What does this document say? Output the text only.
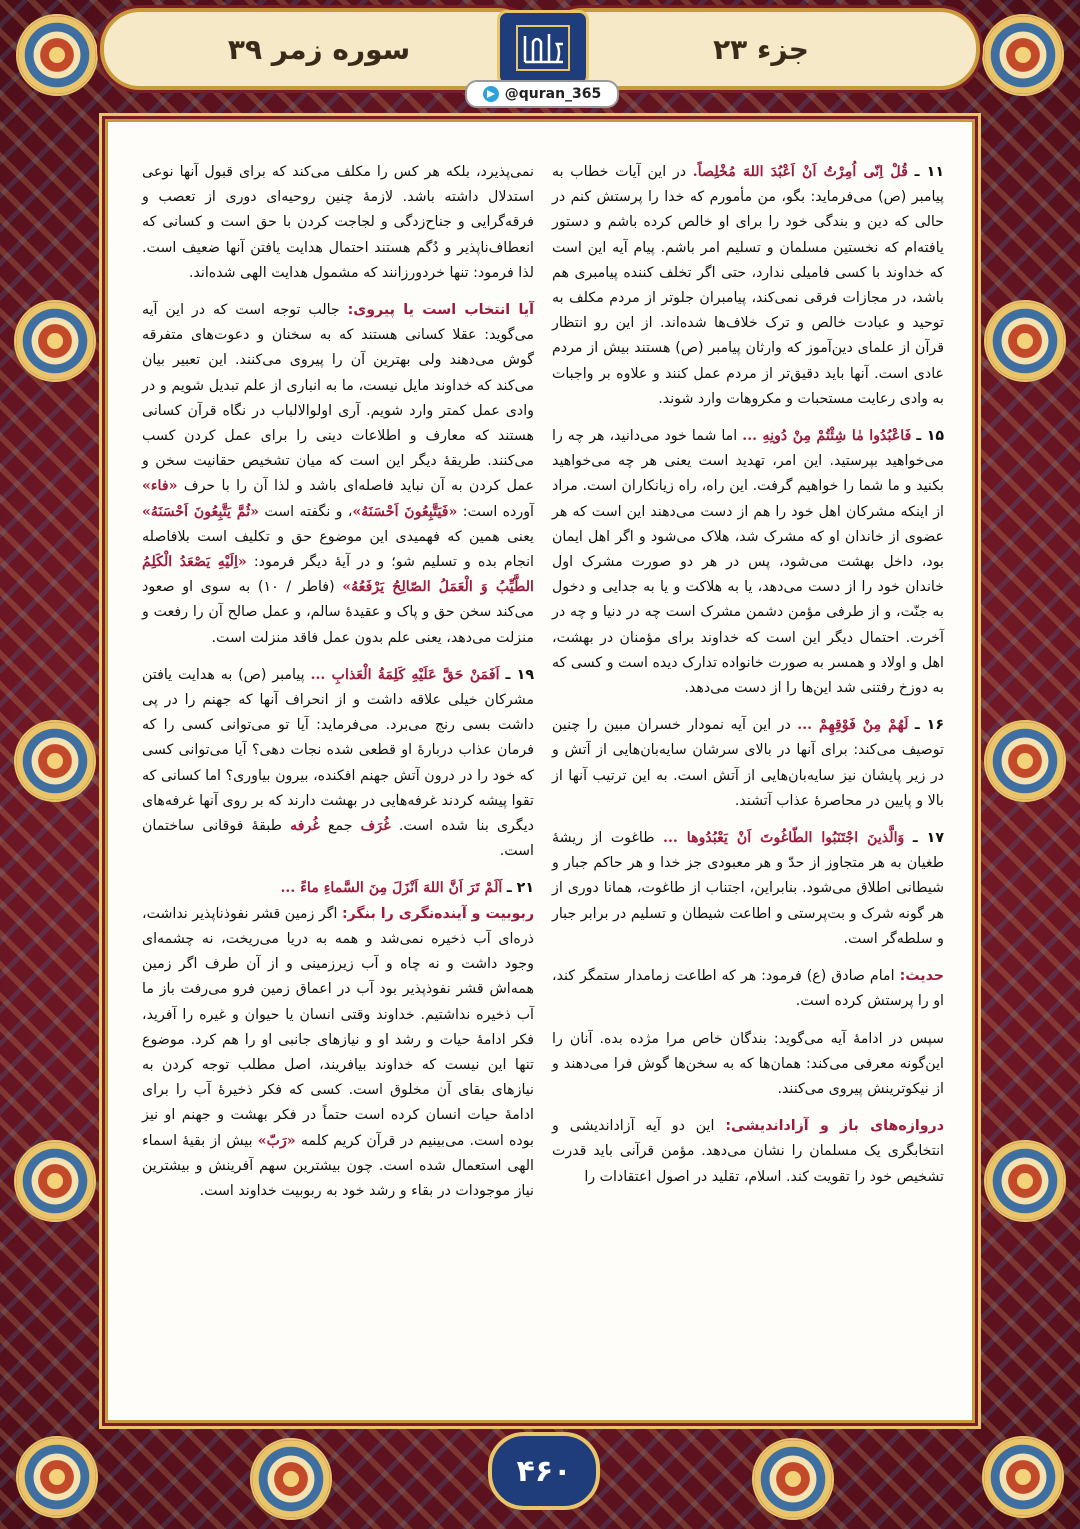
جزء ۲۳
سوره زمر ۳۹
@quran_365

۱۱ ـ قُلْ اِنّی اُمِرْتُ اَنْ اَعْبُدَ اللهَ مُخْلِصاً. در این آیات خطاب به پیامبر (ص) می‌فرماید: بگو، من مأمورم که خدا را پرستش کنم در حالی که دین و بندگی خود را برای او خالص کرده باشم و دستور یافته‌ام که نخستین مسلمان و تسلیم امر باشم. پیام آیه این است که خداوند با کسی فامیلی ندارد، حتی اگر تخلف کننده پیامبری هم باشد، در مجازات فرقی نمی‌کند، پیامبران جلوتر از مردم مکلف به توحید و عبادت خالص و ترک خلاف‌ها شده‌اند. از این رو انتظار قرآن از علمای دین‌آموز که وارثان پیامبر (ص) هستند بیش از مردم عادی است. آنها باید دقیق‌تر از مردم عمل کنند و علاوه بر واجبات به وادی رعایت مستحبات و مکروهات وارد شوند.

۱۵ ـ فَاعْبُدُوا مٰا شِئْتُمْ مِنْ دُونِهِ ... اما شما خود می‌دانید، هر چه را می‌خواهید بپرستید. این امر، تهدید است یعنی هر چه می‌خواهید بکنید و ما شما را خواهیم گرفت. این راه، راه زیانکاران است. مراد از اینکه مشرکان اهل خود را هم از دست می‌دهند این است که هر عضوی از خاندان او که مشرک شد، هلاک می‌شود و اگر اهل ایمان بود، داخل بهشت می‌شود، پس در هر دو صورت مشرک اول خاندان خود را از دست می‌دهد، یا به هلاکت و یا به جدایی و دخول به جنّت، و از طرفی مؤمن دشمن مشرک است چه در دنیا و چه در آخرت. احتمال دیگر این است که خداوند برای مؤمنان در بهشت، اهل و اولاد و همسر به صورت خانواده تدارک دیده است و کسی که به دوزخ رفتنی شد این‌ها را از دست می‌دهد.

۱۶ ـ لَهُمْ مِنْ فَوْقِهِمْ ... در این آیه نمودار خسران مبین را چنین توصیف می‌کند: برای آنها در بالای سرشان سایه‌بان‌هایی از آتش و در زیر پایشان نیز سایه‌بان‌هایی از آتش است. به این ترتیب آنها از بالا و پایین در محاصرهٔ عذاب آتشند.

۱۷ ـ وَالَّذینَ اجْتَنَبُوا الطّاغُوتَ اَنْ یَعْبُدُوها ... طاغوت از ریشهٔ طغیان به هر متجاوز از حدّ و هر معبودی جز خدا و هر حاکم جبار و شیطانی اطلاق می‌شود. بنابراین، اجتناب از طاغوت، همانا دوری از هر گونه شرک و بت‌پرستی و اطاعت شیطان و تسلیم در برابر جبار و سلطه‌گر است.

حدیث: امام صادق (ع) فرمود: هر که اطاعت زمامدار ستمگر کند، او را پرستش کرده است.

سپس در ادامهٔ آیه می‌گوید: بندگان خاص مرا مژده بده. آنان را این‌گونه معرفی می‌کند: همان‌ها که به سخن‌ها گوش فرا می‌دهند و از نیکوترینش پیروی می‌کنند.

دروازه‌های باز و آزاداندیشی: این دو آیه آزاداندیشی و انتخابگری یک مسلمان را نشان می‌دهد. مؤمن قرآنی باید قدرت تشخیص خود را تقویت کند. اسلام، تقلید در اصول اعتقادات را

نمی‌پذیرد، بلکه هر کس را مکلف می‌کند که برای قبول آنها نوعی استدلال داشته باشد. لازمهٔ چنین روحیه‌ای دوری از تعصب و فرقه‌گرایی و جناح‌زدگی و لجاجت کردن با حق است و کسانی که انعطاف‌ناپذیر و دُگم هستند احتمال هدایت یافتن آنها ضعیف است. لذا فرمود: تنها خردورزانند که مشمول هدایت الهی شده‌اند.

آیا انتخاب است یا پیروی: جالب توجه است که در این آیه می‌گوید: عقلا کسانی هستند که به سخنان و دعوت‌های متفرقه گوش می‌دهند ولی بهترین آن را پیروی می‌کنند. این تعبیر بیان می‌کند که خداوند مایل نیست، ما به انباری از علم تبدیل شویم و در وادی عمل کمتر وارد شویم. آری اولوالالباب در نگاه قرآن کسانی هستند که معارف و اطلاعات دینی را برای عمل کردن کسب می‌کنند. طریقهٔ دیگر این است که میان تشخیص حقانیت سخن و عمل کردن به آن نباید فاصله‌ای باشد و لذا آن را با حرف «فاء» آورده است: «فَیَتَّبِعُونَ اَحْسَنَهُ»، و نگفته است «ثُمَّ یَتَّبِعُونَ اَحْسَنَهُ» یعنی همین که فهمیدی این موضوع حق و تکلیف است بلافاصله انجام بده و تسلیم شو؛ و در آیهٔ دیگر فرمود: «اِلَیْهِ یَصْعَدُ الْکَلِمُ الطَّیِّبُ وَ الْعَمَلُ الصّالِحُ یَرْفَعُهُ» (فاطر / ۱۰) به سوی او صعود می‌کند سخن حق و پاک و عقیدهٔ سالم، و عمل صالح آن را رفعت و منزلت می‌دهد، یعنی علم بدون عمل فاقد منزلت است.

۱۹ ـ اَفَمَنْ حَقَّ عَلَیْهِ کَلِمَةُ الْعَذابِ ... پیامبر (ص) به هدایت یافتن مشرکان خیلی علاقه داشت و از انحراف آنها که جهنم را در پی داشت بسی رنج می‌برد. می‌فرماید: آیا تو می‌توانی کسی را که فرمان عذاب دربارهٔ او قطعی شده نجات دهی؟ آیا می‌توانی کسی که خود را در درون آتش جهنم افکنده، بیرون بیاوری؟ اما کسانی که تقوا پیشه کردند غرفه‌هایی در بهشت دارند که بر روی آنها غرفه‌های دیگری بنا شده است. غُرَف جمع غُرفه طبقهٔ فوقانی ساختمان است.

۲۱ ـ اَلَمْ تَرَ اَنَّ اللهَ اَنْزَلَ مِنَ السَّماءِ ماءً ...
ربوبیت و آینده‌نگری را بنگر: اگر زمین قشر نفوذناپذیر نداشت، ذره‌ای آب ذخیره نمی‌شد و همه به دریا می‌ریخت، نه چشمه‌ای وجود داشت و نه چاه و آب زیرزمینی و از آن طرف اگر زمین همه‌اش قشر نفوذپذیر بود آب در اعماق زمین فرو می‌رفت باز ما آب ذخیره نداشتیم. خداوند وقتی انسان یا حیوان و غیره را آفرید، فکر ادامهٔ حیات و رشد او و نیازهای جانبی او را هم کرد. موضوع تنها این نیست که خداوند بیافریند، اصل مطلب توجه کردن به نیازهای بقای آن مخلوق است. کسی که فکر ذخیرهٔ آب را برای ادامهٔ حیات انسان کرده است حتماً در فکر بهشت و جهنم او نیز بوده است. می‌بینیم در قرآن کریم کلمه «رَبّ» بیش از بقیهٔ اسماء الهی استعمال شده است. چون بیشترین سهم آفرینش و بیشترین نیاز موجودات در بقاء و رشد خود به ربوبیت خداوند است.

۴۶۰
